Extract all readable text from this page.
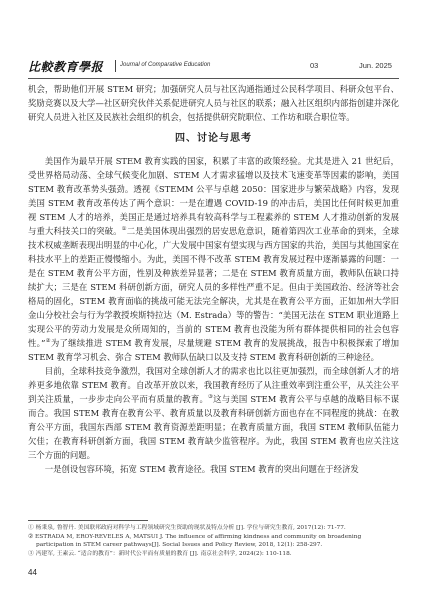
比較教育學报	Journal of Comparative Education	03	Jun. 2025

机会，帮助他们开展 STEM 研究；加强研究人员与社区沟通指通过公民科学项目、科研众包平台、奖励竞赛以及大学—社区研究伙伴关系促进研究人员与社区的联系；融入社区组织内部指创建并深化研究人员进入社区及民族社会组织的机会，包括提供研究院职位、工作坊和联合职位等。

四、讨论与思考

美国作为最早开展 STEM 教育实践的国家，积累了丰富的政策经验。尤其是进入 21 世纪后，受世界格局动荡、全球气候变化加剧、STEM 人才需求猛增以及技术飞速变革等因素的影响，美国 STEM 教育改革势头强劲。透视《STEMM 公平与卓越 2050：国家进步与繁荣战略》内容，发现美国 STEM 教育改革传达了两个意识：一是在遭遇 COVID-19 的冲击后，美国比任何时候更加重视 STEM 人才的培养，美国正是通过培养具有较高科学与工程素养的 STEM 人才推动创新的发展与重大科技关口的突破。①二是美国体现出强烈的居安思危意识，随着第四次工业革命的到来，全球技术权威垄断表现出明显的中心化，广大发展中国家有望实现与西方国家的共治，美国与其他国家在科技水平上的差距正慢慢缩小。为此，美国不得不改革 STEM 教育发展过程中逐渐暴露的问题：一是在 STEM 教育公平方面，性别及种族差异显著；二是在 STEM 教育质量方面，教师队伍缺口持续扩大；三是在 STEM 科研创新方面，研究人员的多样性严重不足。但由于美国政治、经济等社会格局的固化，STEM 教育面临的挑战可能无法完全解决，尤其是在教育公平方面，正如加州大学旧金山分校社会与行为学教授埃斯特拉达（M. Estrada）等的警告：“美国无法在 STEM 职业道路上实现公平的劳动力发展是众所周知的，当前的 STEM 教育也没能为所有群体提供相同的社会包容性。”②为了继续推进 STEM 教育发展，尽量规避 STEM 教育的发展挑战，报告中积极探索了增加 STEM 教育学习机会、弥合 STEM 教师队伍缺口以及支持 STEM 教育科研创新的三种途径。

目前，全球科技竞争激烈，我国对全球创新人才的需求也比以往更加强烈，而全球创新人才的培养更多地依靠 STEM 教育。自改革开放以来，我国教育经历了从注重效率到注重公平，从关注公平到关注质量，一步步走向公平而有质量的教育。③这与美国 STEM 教育公平与卓越的战略目标不谋而合。我国 STEM 教育在教育公平、教育质量以及教育科研创新方面也存在不同程度的挑战：在教育公平方面，我国东西部 STEM 教育资源差距明显；在教育质量方面，我国 STEM 教师队伍能力欠佳；在教育科研创新方面，我国 STEM 教育缺少监管程序。为此，我国 STEM 教育也应关注这三个方面的问题。

一是创设包容环境，拓宽 STEM 教育途径。我国 STEM 教育的突出问题在于经济发

① 杨秉泉, 鲁智丹. 美国联邦政府对科学与工程领域研究生资助的现状及特点分析 [J]. 学位与研究生教育, 2017(12): 71-77.
② ESTRADA M, EROY-REVELES A, MATSUI J. The influence of affirming kindness and community on broadening participation in STEM career pathways[J]. Social Issues and Policy Review, 2018, 12(1): 258-297.
③ 冯建军, 王素云. “适合的教育”：新时代公平而有质量的教育 [J]. 南京社会科学, 2024(2): 110-118.
44
